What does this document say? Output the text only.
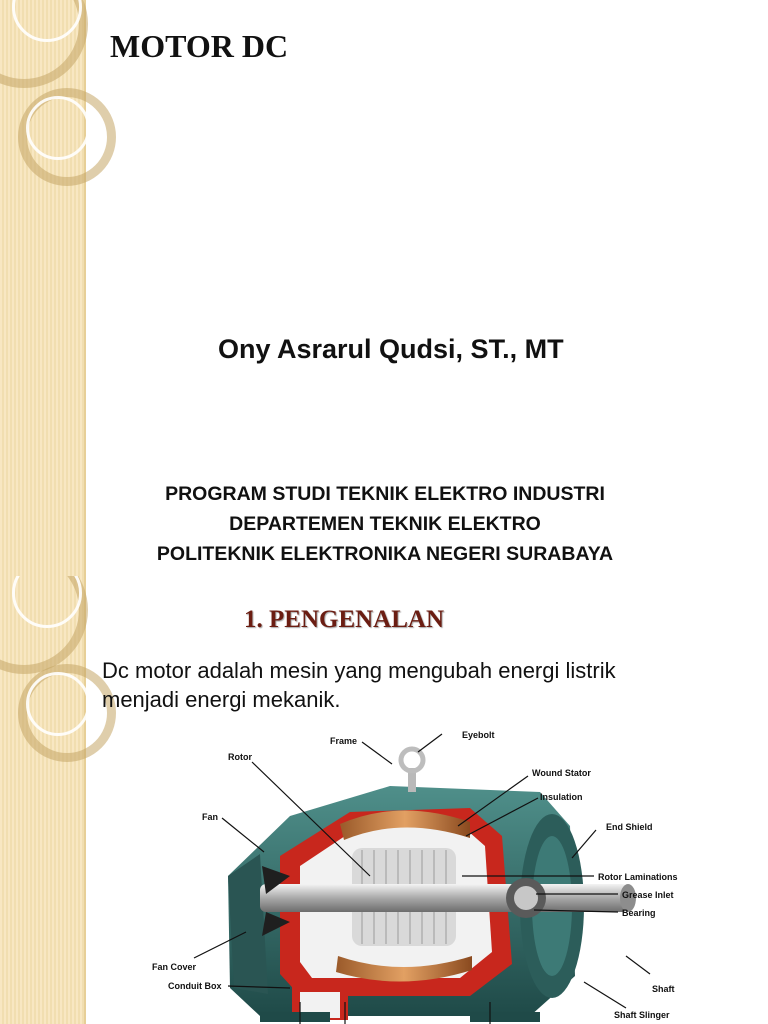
MOTOR DC

Ony Asrarul Qudsi, ST., MT

PROGRAM STUDI TEKNIK ELEKTRO INDUSTRI

DEPARTEMEN TEKNIK ELEKTRO

POLITEKNIK ELEKTRONIKA NEGERI SURABAYA

1. PENGENALAN

Dc motor adalah mesin yang mengubah energi listrik menjadi energi mekanik.

Eyebolt
Frame
Rotor
Wound Stator
Insulation
Fan
End Shield
Rotor Laminations
Grease Inlet
Bearing
Fan Cover
Conduit Box	Shaft
Shaft Slinger
